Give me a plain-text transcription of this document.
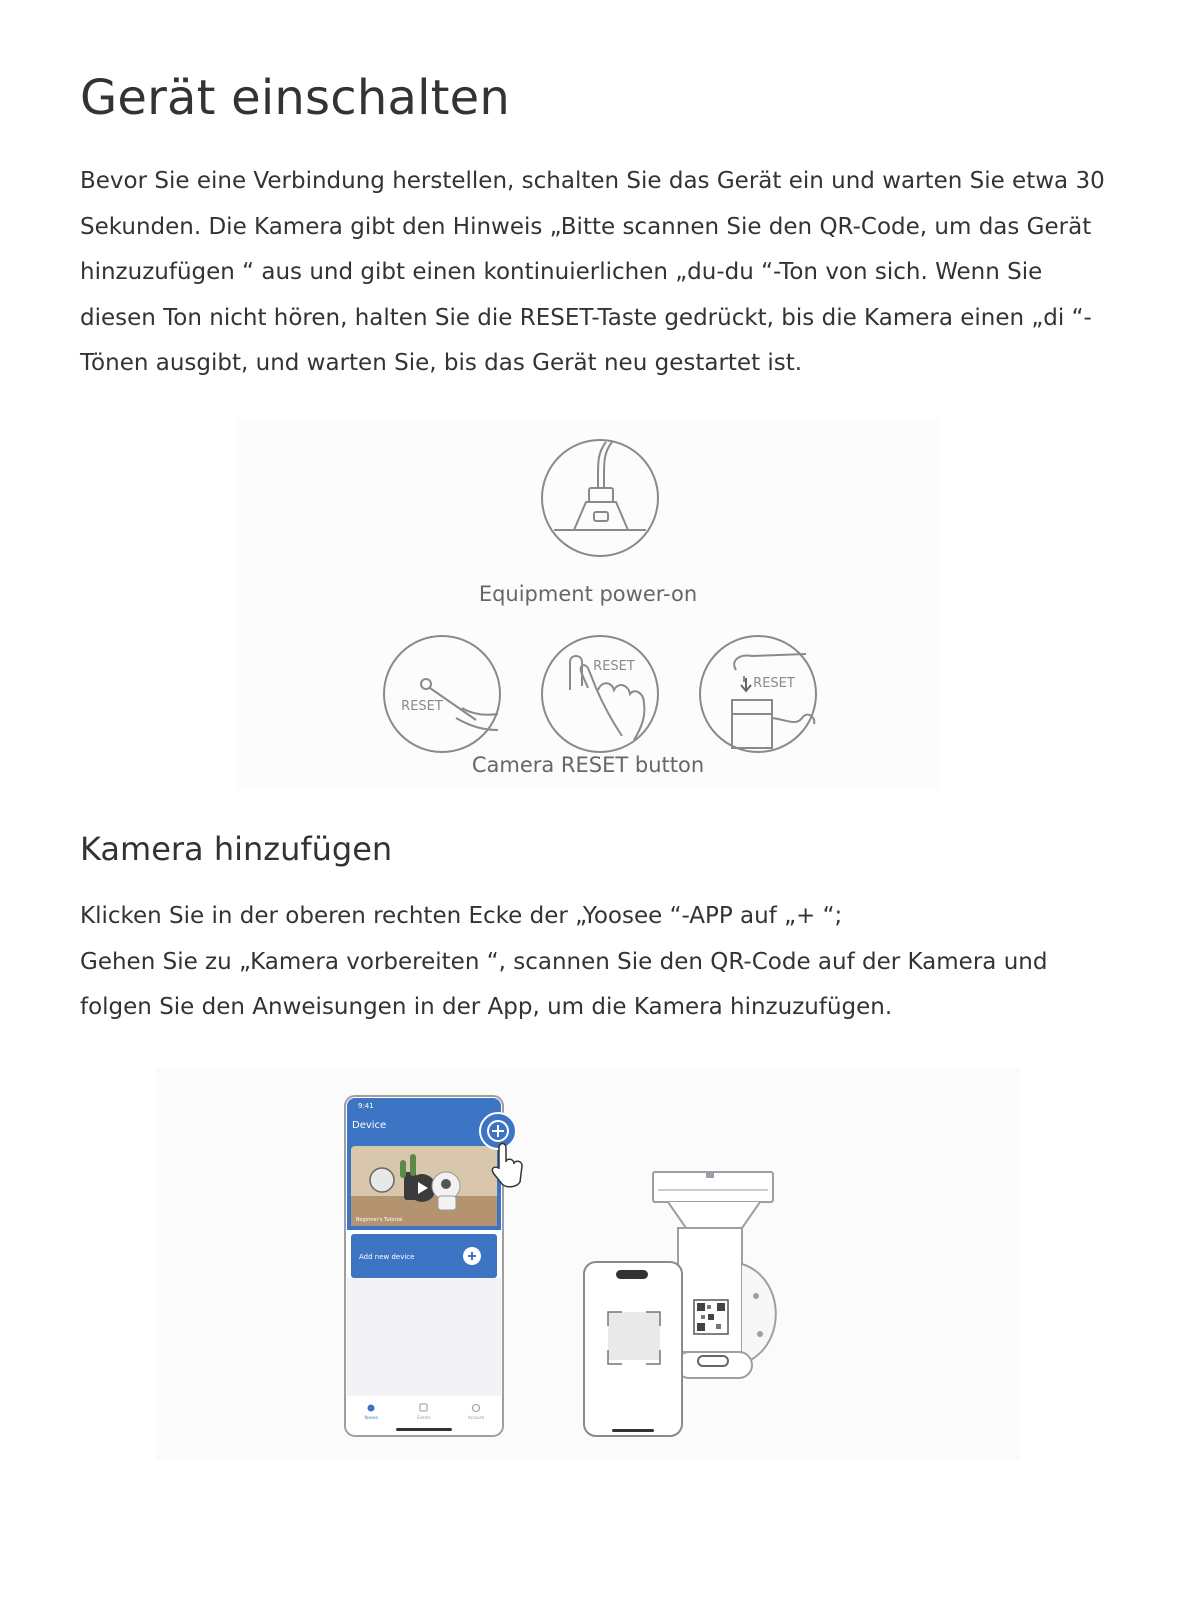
Gerät einschalten

Bevor Sie eine Verbindung herstellen, schalten Sie das Gerät ein und warten Sie etwa 30 Sekunden. Die Kamera gibt den Hinweis „Bitte scannen Sie den QR-Code, um das Gerät hinzuzufügen “ aus und gibt einen kontinuierlichen „du-du “-Ton von sich. Wenn Sie diesen Ton nicht hören, halten Sie die RESET-Taste gedrückt, bis die Kamera einen „di “-Tönen ausgibt, und warten Sie, bis das Gerät neu gestartet ist.

RESET
RESET
RESET
Equipment power-on
Camera RESET button
Kamera hinzufügen
Klicken Sie in der oberen rechten Ecke der „Yoosee “-APP auf „+ “;
Gehen Sie zu „Kamera vorbereiten “, scannen Sie den QR-Code auf der Kamera und folgen Sie den Anweisungen in der App, um die Kamera hinzuzufügen.
9:41
Device
Beginner's Tutorial
Add new device
Yoosee	Events	Account
